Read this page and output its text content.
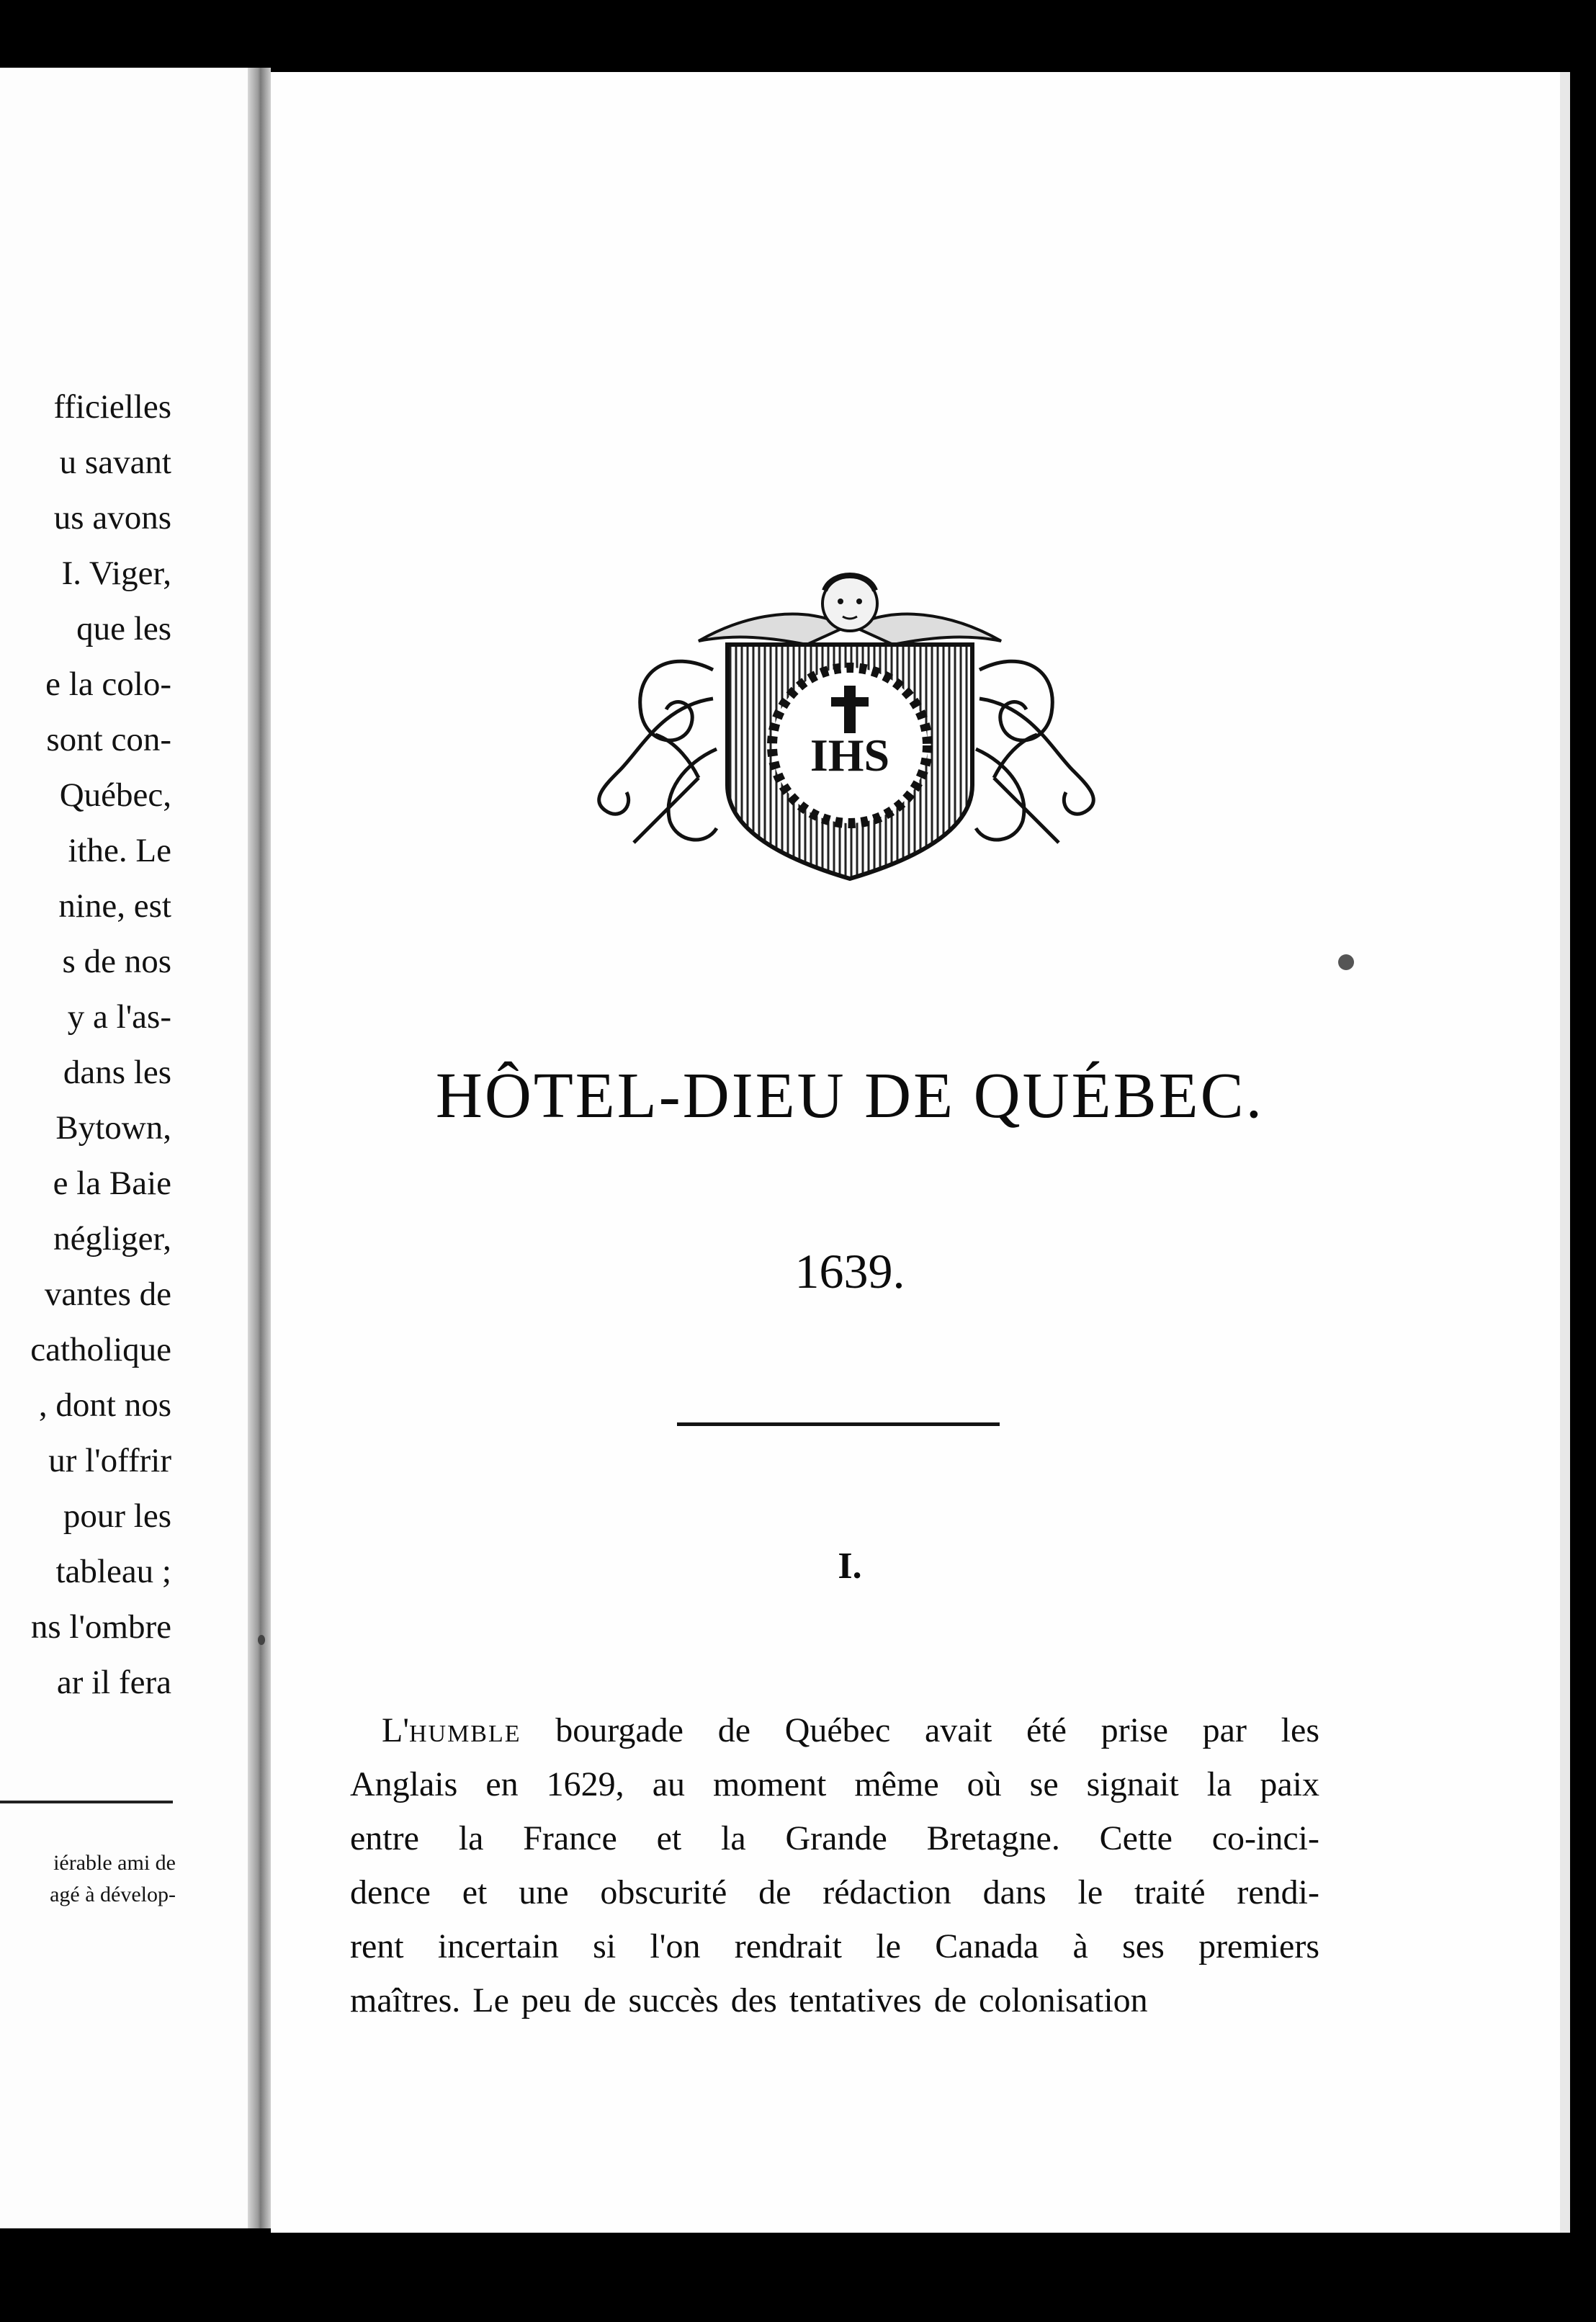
fficielles
u savant
us avons
I. Viger,
que les
e la colo-
sont con-
Québec,
ithe. Le
nine, est
s de nos
y a l'as-
dans les
Bytown,
e la Baie
négliger,
vantes de
catholique
, dont nos
ur l'offrir
pour les
tableau ;
ns l'ombre
ar il fera
iérable ami de
agé à dévelop-
IHS
HÔTEL-DIEU DE QUÉBEC.
1639.
I.
L'humble bourgade de Québec avait été prise par les
Anglais en 1629, au moment même où se signait la paix
entre la France et la Grande Bretagne. Cette co-inci-
dence et une obscurité de rédaction dans le traité rendi-
rent incertain si l'on rendrait le Canada à ses premiers
maîtres. Le peu de succès des tentatives de colonisation
